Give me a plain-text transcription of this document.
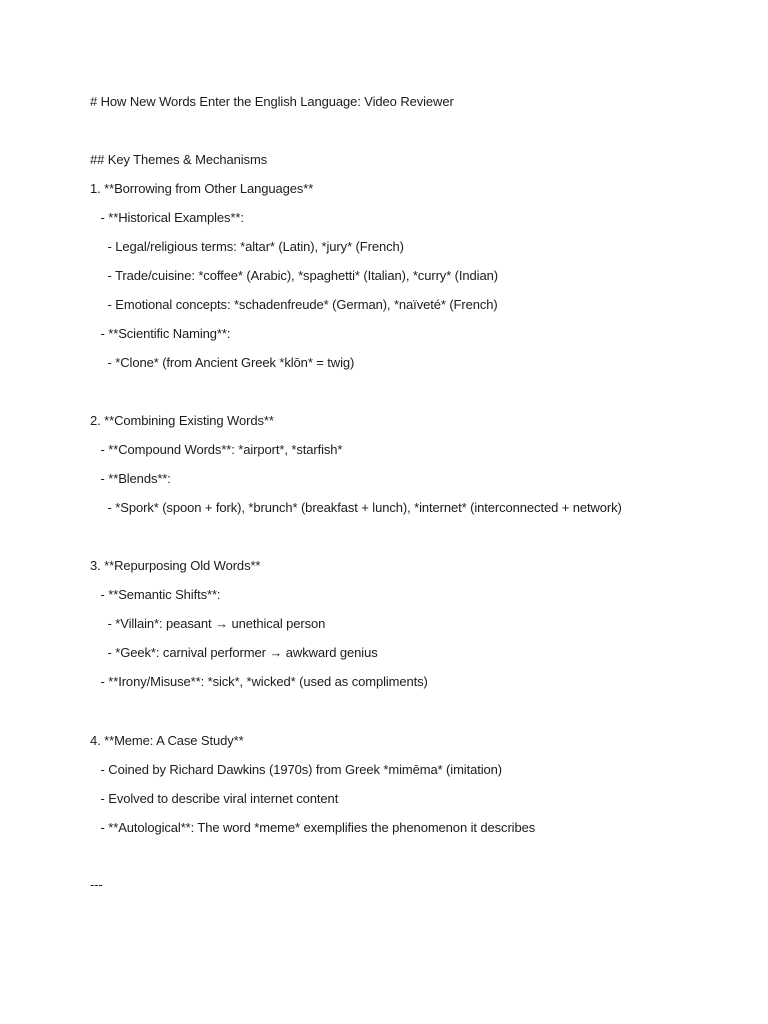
# How New Words Enter the English Language: Video Reviewer
## Key Themes & Mechanisms
1. **Borrowing from Other Languages**
- **Historical Examples**:
- Legal/religious terms: *altar* (Latin), *jury* (French)
- Trade/cuisine: *coffee* (Arabic), *spaghetti* (Italian), *curry* (Indian)
- Emotional concepts: *schadenfreude* (German), *naïveté* (French)
- **Scientific Naming**:
- *Clone* (from Ancient Greek *klōn* = twig)
2. **Combining Existing Words**
- **Compound Words**: *airport*, *starfish*
- **Blends**:
- *Spork* (spoon + fork), *brunch* (breakfast + lunch), *internet* (interconnected + network)
3. **Repurposing Old Words**
- **Semantic Shifts**:
- *Villain*: peasant → unethical person
- *Geek*: carnival performer → awkward genius
- **Irony/Misuse**: *sick*, *wicked* (used as compliments)
4. **Meme: A Case Study**
- Coined by Richard Dawkins (1970s) from Greek *mimēma* (imitation)
- Evolved to describe viral internet content
- **Autological**: The word *meme* exemplifies the phenomenon it describes
---
